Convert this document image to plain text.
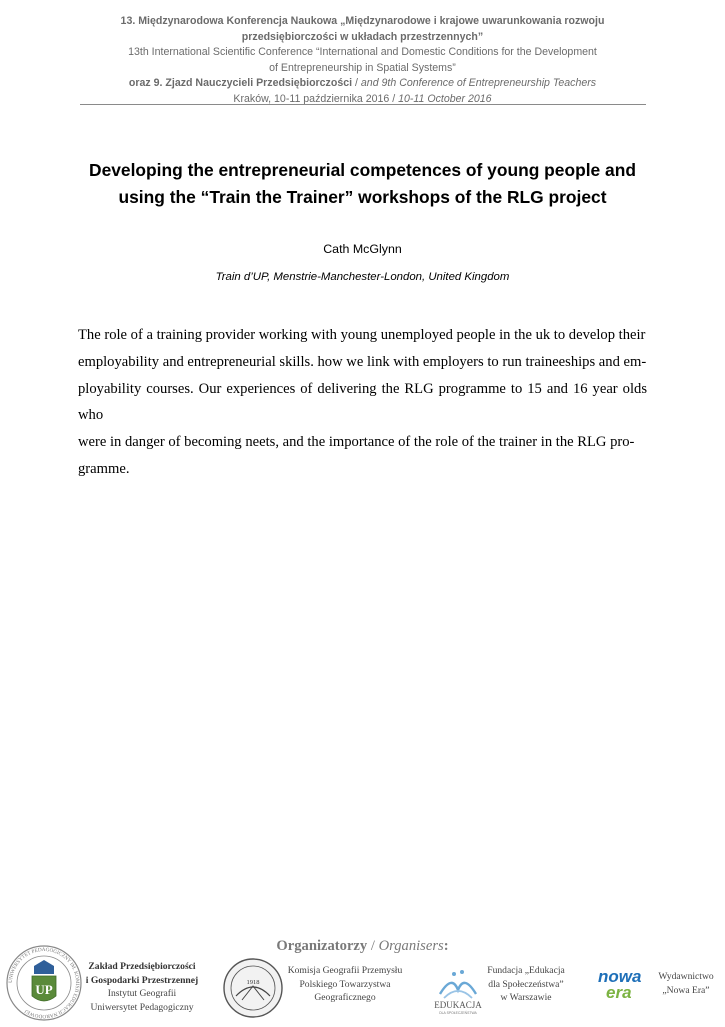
13. Międzynarodowa Konferencja Naukowa „Międzynarodowe i krajowe uwarunkowania rozwoju
przedsiębiorczości w układach przestrzennych”
13th International Scientific Conference “International and Domestic Conditions for the Development
of Entrepreneurship in Spatial Systems”
oraz 9. Zjazd Nauczycieli Przedsiębiorczości / and 9th Conference of Entrepreneurship Teachers
Kraków, 10-11 października 2016 / 10-11 October 2016
Developing the entrepreneurial competences of young people and
using the “Train the Trainer” workshops of the RLG project
Cath McGlynn
Train d’UP, Menstrie-Manchester-London, United Kingdom
The role of a training provider working with young unemployed people in the uk to develop their
employability and entrepreneurial skills. how we link with employers to run traineeships and em-
ployability courses. Our experiences of delivering the RLG programme to 15 and 16 year olds who
were in danger of becoming neets, and the importance of the role of the trainer in the RLG pro-
gramme.
Organizatorzy / Organisers:
UNIWERSYTET PEDAGOGICZNY IM. KOMISJI EDUKACJI NARODOWEJ
UP
Zakład Przedsiębiorczości
i Gospodarki Przestrzennej
Instytut Geografii
Uniwersytet Pedagogiczny
1918
Komisja Geografii Przemysłu
Polskiego Towarzystwa
Geograficznego
EDUKACJA
DLA SPOŁECZEŃSTWA
Fundacja „Edukacja
dla Społeczeństwa”
w Warszawie
nowa
era
Wydawnictwo
„Nowa Era”
